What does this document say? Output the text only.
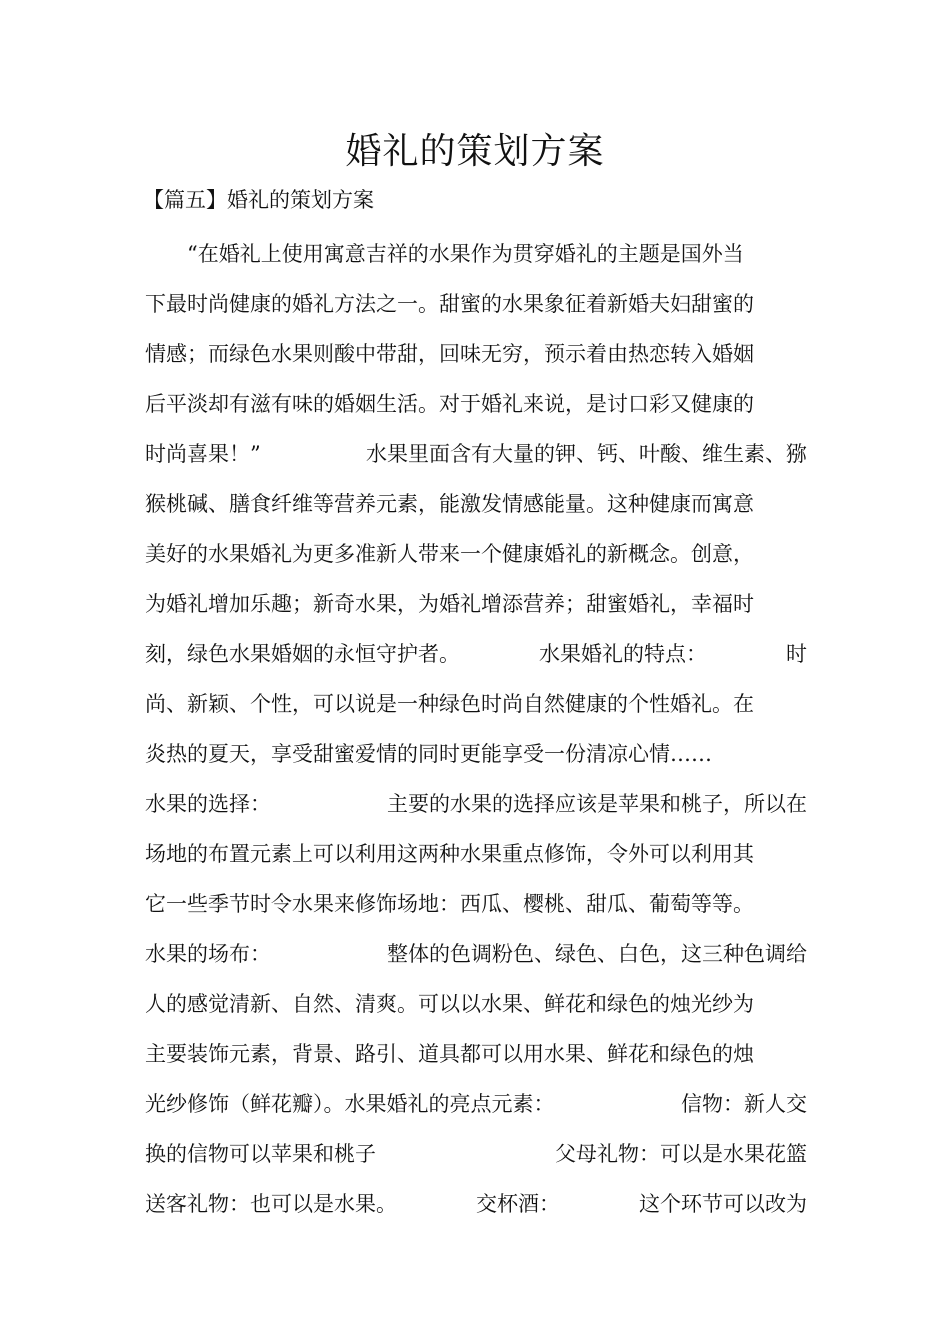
婚礼的策划方案
【篇五】婚礼的策划方案
“在婚礼上使用寓意吉祥的水果作为贯穿婚礼的主题是国外当
下最时尚健康的婚礼方法之一。甜蜜的水果象征着新婚夫妇甜蜜的
情感；而绿色水果则酸中带甜，回味无穷，预示着由热恋转入婚姻
后平淡却有滋有味的婚姻生活。对于婚礼来说，是讨口彩又健康的
时尚喜果！”	水果里面含有大量的钾、钙、叶酸、维生素、猕
猴桃碱、膳食纤维等营养元素，能激发情感能量。这种健康而寓意
美好的水果婚礼为更多准新人带来一个健康婚礼的新概念。创意，
为婚礼增加乐趣；新奇水果，为婚礼增添营养；甜蜜婚礼，幸福时
刻，绿色水果婚姻的永恒守护者。	水果婚礼的特点：	时
尚、新颖、个性，可以说是一种绿色时尚自然健康的个性婚礼。在
炎热的夏天，享受甜蜜爱情的同时更能享受一份清凉心情……
水果的选择：	主要的水果的选择应该是苹果和桃子，所以在
场地的布置元素上可以利用这两种水果重点修饰，令外可以利用其
它一些季节时令水果来修饰场地：西瓜、樱桃、甜瓜、葡萄等等。
水果的场布：	整体的色调粉色、绿色、白色，这三种色调给
人的感觉清新、自然、清爽。可以以水果、鲜花和绿色的烛光纱为
主要装饰元素，背景、路引、道具都可以用水果、鲜花和绿色的烛
光纱修饰（鲜花瓣）。水果婚礼的亮点元素：	信物：新人交
换的信物可以苹果和桃子	父母礼物：可以是水果花篮
送客礼物：也可以是水果。	交杯酒：	这个环节可以改为
